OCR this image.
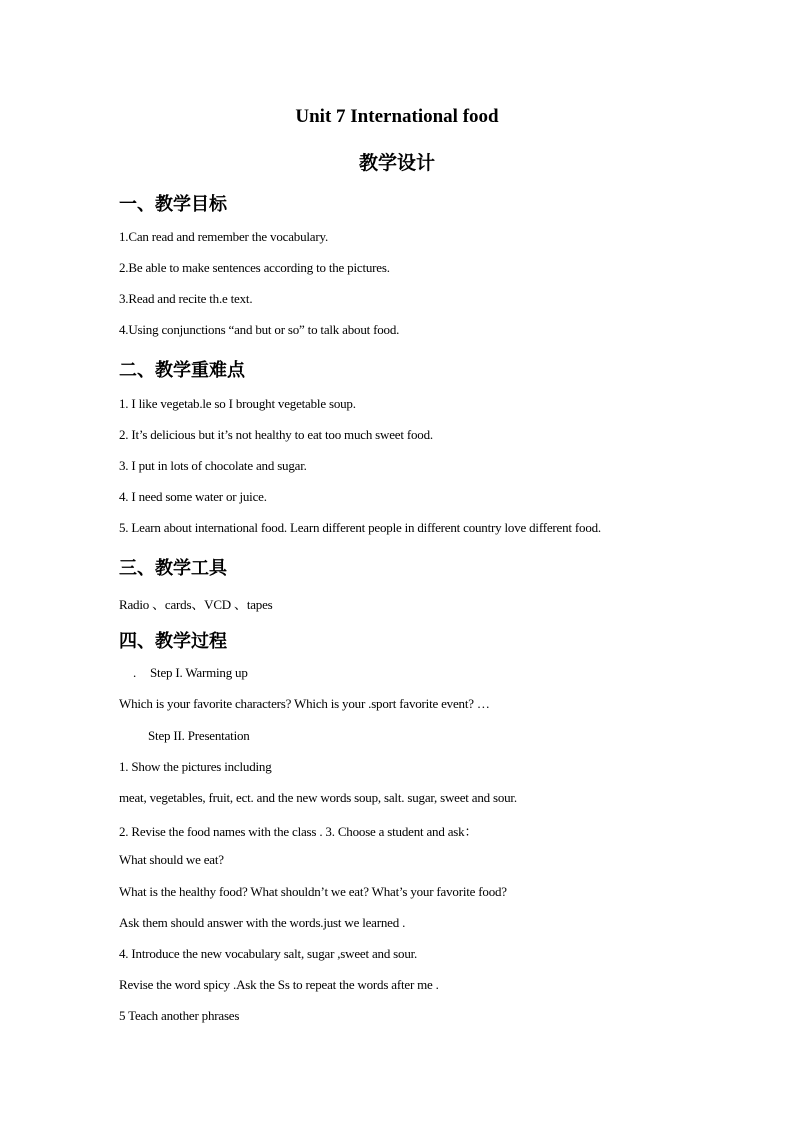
Unit 7 International food
教学设计
一、教学目标
1.Can read and remember the vocabulary.
2.Be able to make sentences according to the pictures.
3.Read and recite th.e text.
4.Using conjunctions “and but or so” to talk about food.
二、教学重难点
1. I like vegetab.le so I brought vegetable soup.
2. It’s delicious but it’s not healthy to eat too much sweet food.
3. I put in lots of chocolate and sugar.
4. I need some water or juice.
5. Learn about international food. Learn different people in different country love different food.
三、教学工具
Radio 、cards、VCD 、tapes
四、教学过程
. Step I. Warming up
Which is your favorite characters? Which is your .sport favorite event? …
Step II. Presentation
1. Show the pictures including
meat, vegetables, fruit, ect. and the new words soup, salt. sugar, sweet and sour.
2. Revise the food names with the class . 3. Choose a student and ask：
What should we eat?
What is the healthy food? What shouldn’t we eat? What’s your favorite food?
Ask them should answer with the words.just we learned .
4. Introduce the new vocabulary salt, sugar ,sweet and sour.
Revise the word spicy .Ask the Ss to repeat the words after me .
5 Teach another phrases
